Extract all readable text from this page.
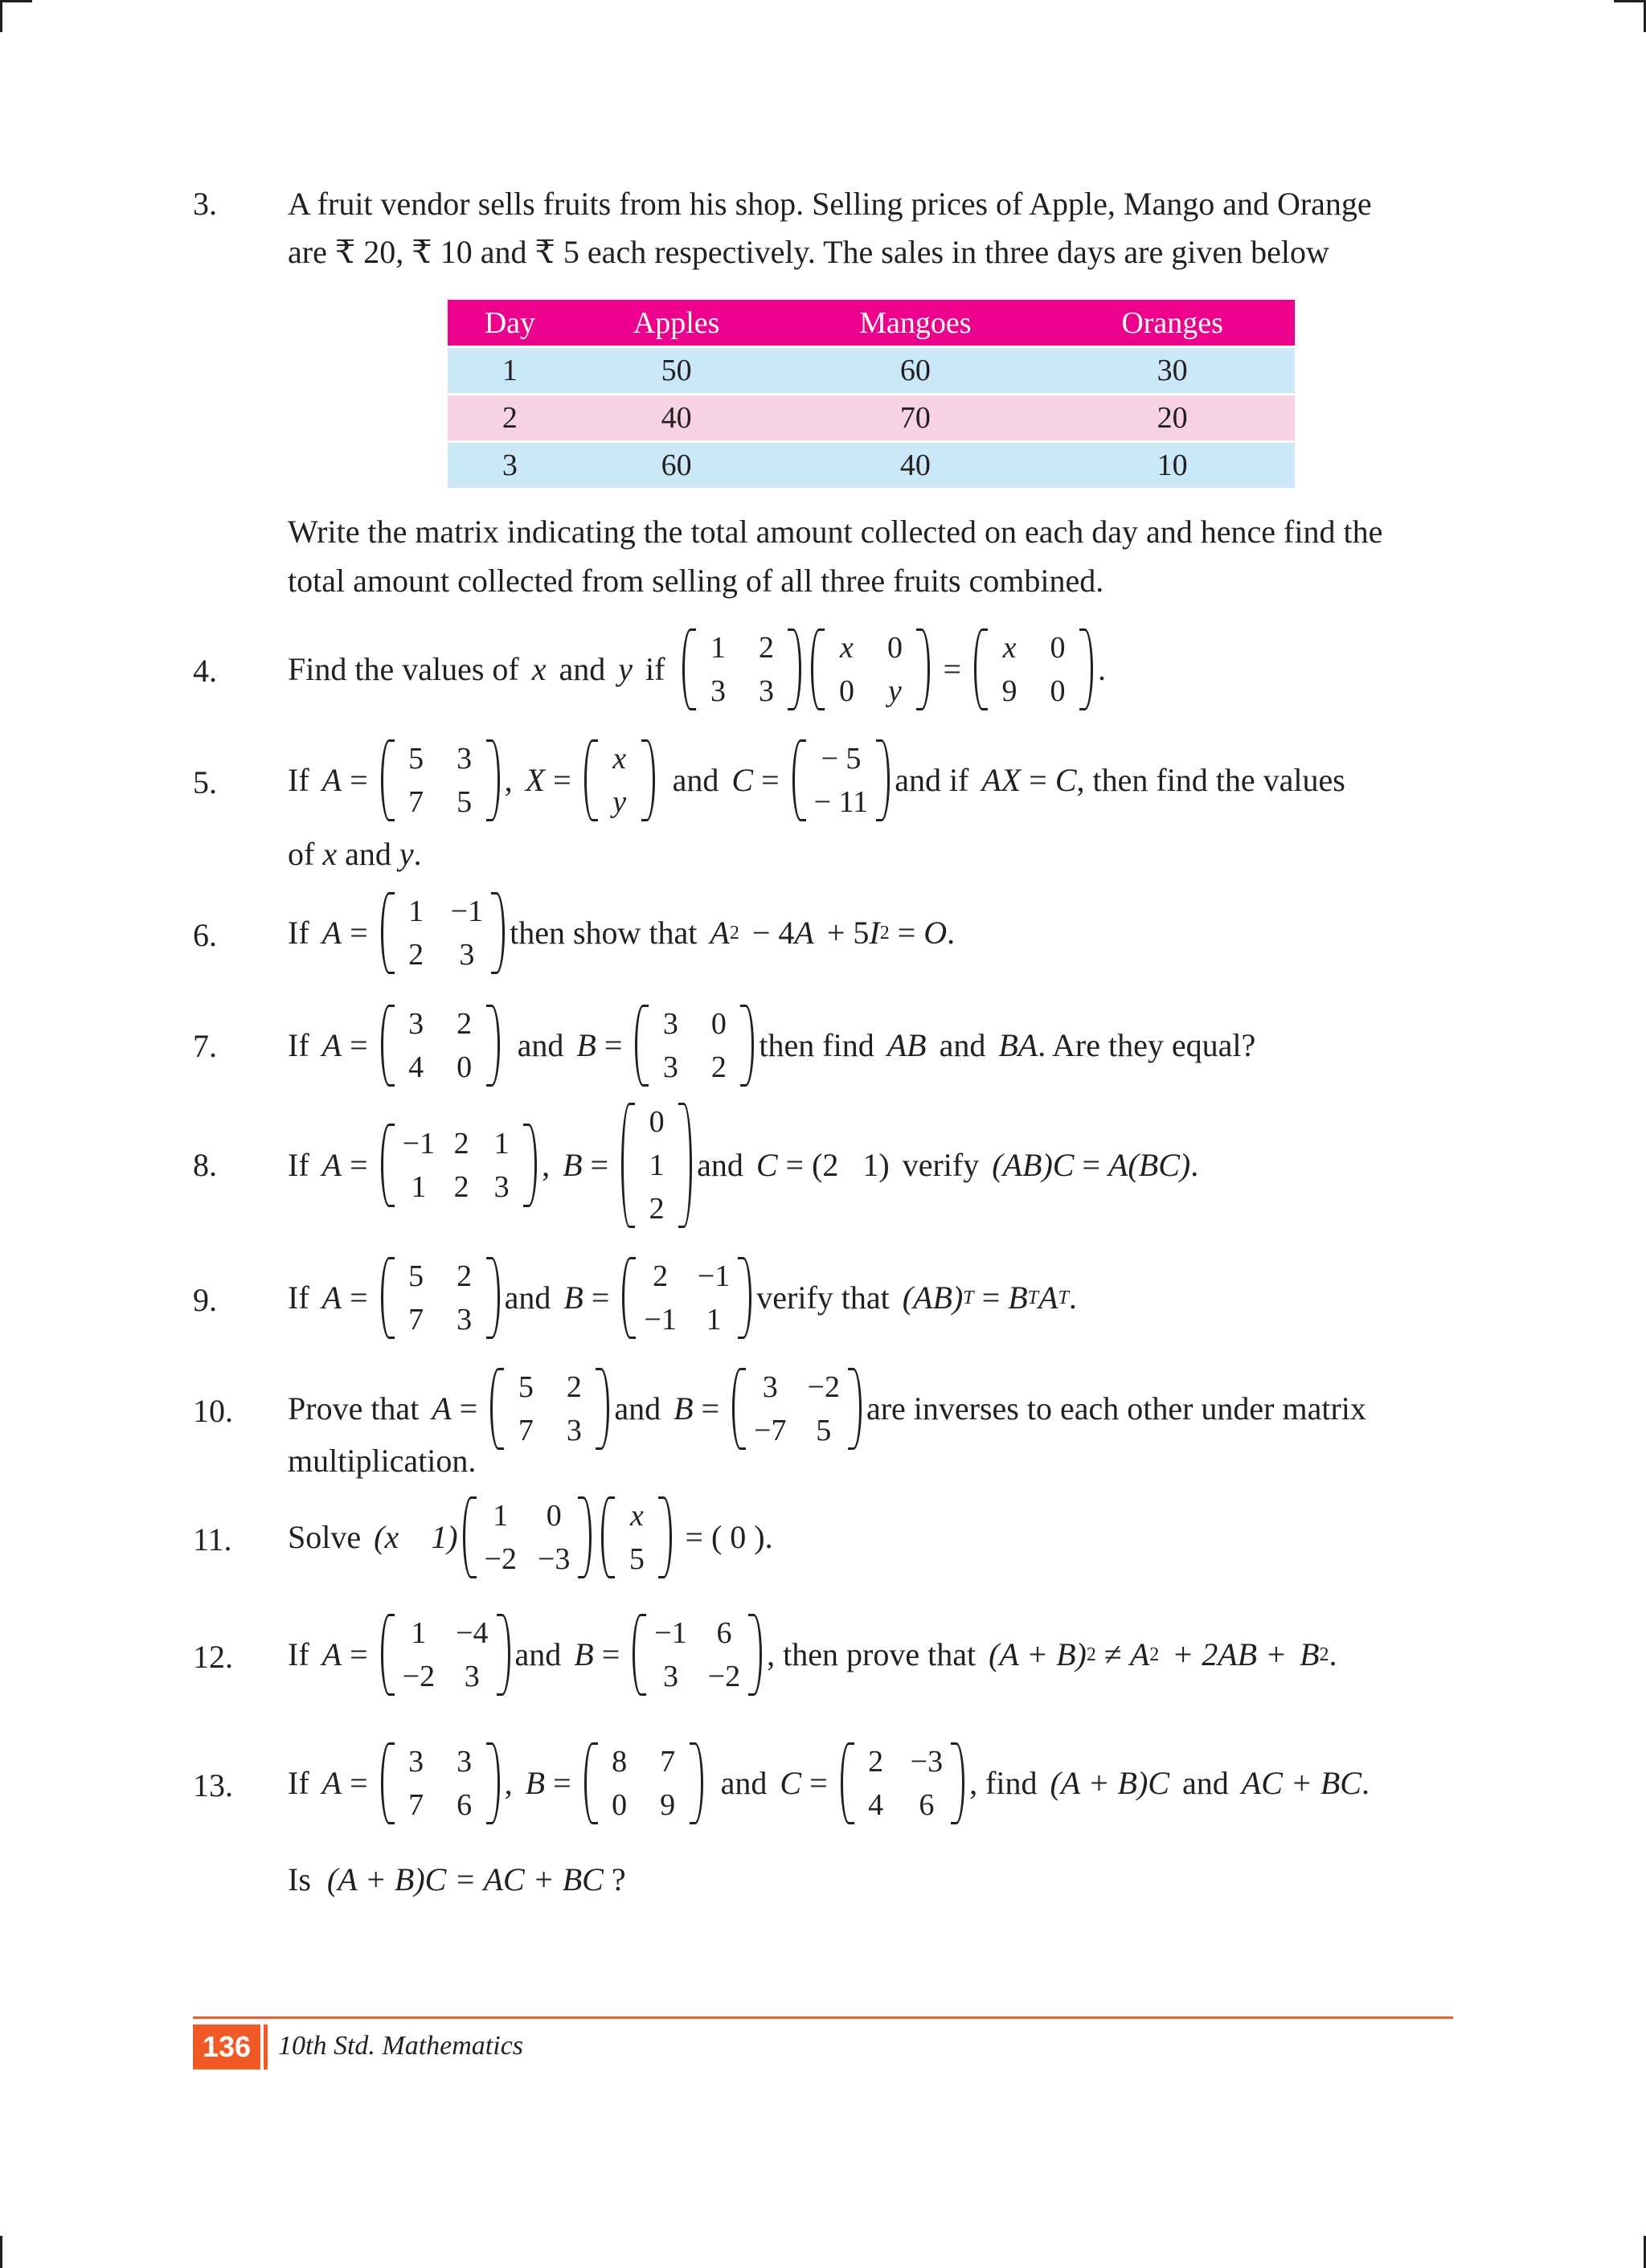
3. A fruit vendor sells fruits from his shop. Selling prices of Apple, Mango and Orange
are ₹ 20, ₹ 10 and ₹ 5 each respectively. The sales in three days are given below
Day	Apples	Mangoes	Oranges
1	50	60	30
2	40	70	20
3	60	40	10
Write the matrix indicating the total amount collected on each day and hence find the
total amount collected from selling of all three fruits combined.
4. Find the values of x and y if
1 2
3 3
x 0
0 y
=
x 0
9 0
.
5. If A =
5 3
7 5
, X =
x
y
and C =
− 5
− 11
and if AX = C , then find the values
of x and y.
6. If A =
1 −1
2 3
then show that A 2 − 4 A + 5 I 2 = O .
7. If A =
3 2
4 0
and B =
3 0
3 2
then find AB and BA . Are they equal?
8. If A =
−1 2 1
1 2 3
, B =
0
1
2
and C = (2   1) verify (AB)C = A(BC) .
9. If A =
5 2
7 3
and B =
2 −1
−1 1
verify that (AB) T = B T A T .
10. Prove that A =
5 2
7 3
and B =
3 −2
−7 5
are inverses to each other under matrix
multiplication.
11. Solve (x    1)
1 0
−2 −3
x
5
= ( 0 ).
12. If A =
1 −4
−2 3
and B =
−1 6
3 −2
, then prove that (A + B) 2 ≠ A 2 + 2AB + B 2 .
13. If A =
3 3
7 6
, B =
8 7
0 9
and C =
2 −3
4 6
, find (A + B)C and AC + BC .
Is (A + B)C = AC + BC ?
136 10th Std. Mathematics
